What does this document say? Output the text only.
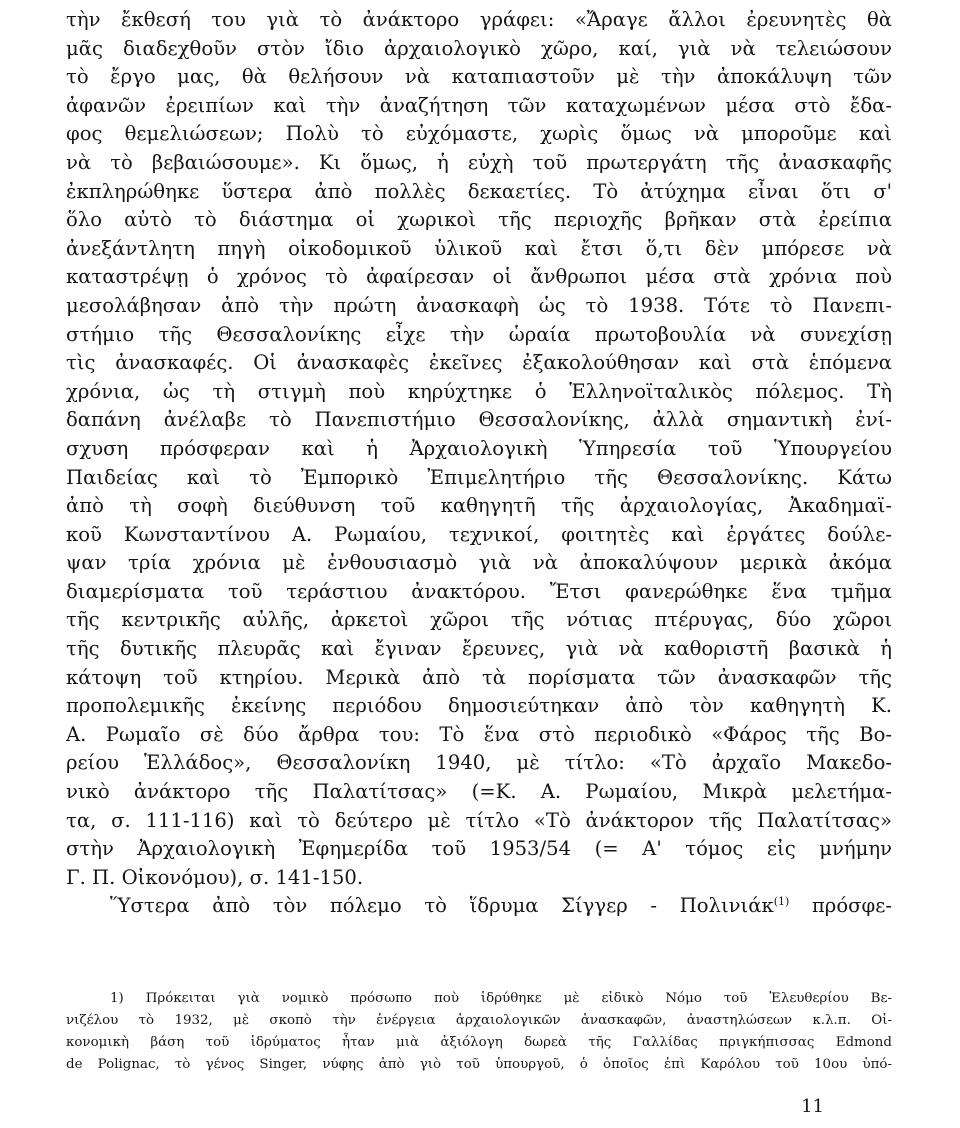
τὴν ἔκθεσή του γιὰ τὸ ἀνάκτορο γράφει: «Ἄραγε ἄλλοι ἐρευνητὲς θὰ
μᾶς διαδεχθοῦν στὸν ἴδιο ἀρχαιολογικὸ χῶρο, καί, γιὰ νὰ τελειώσουν
τὸ ἔργο μας, θὰ θελήσουν νὰ καταπιαστοῦν μὲ τὴν ἀποκάλυψη τῶν
ἀφανῶν ἐρειπίων καὶ τὴν ἀναζήτηση τῶν καταχωμένων μέσα στὸ ἔδα-
φος θεμελιώσεων; Πολὺ τὸ εὐχόμαστε, χωρὶς ὅμως νὰ μποροῦμε καὶ
νὰ τὸ βεβαιώσουμε». Κι ὅμως, ἡ εὐχὴ τοῦ πρωτεργάτη τῆς ἀνασκαφῆς
ἐκπληρώθηκε ὕστερα ἀπὸ πολλὲς δεκαετίες. Τὸ ἀτύχημα εἶναι ὅτι σ'
ὅλο αὐτὸ τὸ διάστημα οἱ χωρικοὶ τῆς περιοχῆς βρῆκαν στὰ ἐρείπια
ἀνεξάντλητη πηγὴ οἰκοδομικοῦ ὑλικοῦ καὶ ἔτσι ὅ,τι δὲν μπόρεσε νὰ
καταστρέψῃ ὁ χρόνος τὸ ἀφαίρεσαν οἱ ἄνθρωποι μέσα στὰ χρόνια ποὺ
μεσολάβησαν ἀπὸ τὴν πρώτη ἀνασκαφὴ ὡς τὸ 1938. Τότε τὸ Πανεπι-
στήμιο τῆς Θεσσαλονίκης εἶχε τὴν ὡραία πρωτοβουλία νὰ συνεχίσῃ
τὶς ἀνασκαφές. Οἱ ἀνασκαφὲς ἐκεῖνες ἐξακολούθησαν καὶ στὰ ἑπόμενα
χρόνια, ὡς τὴ στιγμὴ ποὺ κηρύχτηκε ὁ Ἑλληνοϊταλικὸς πόλεμος. Τὴ
δαπάνη ἀνέλαβε τὸ Πανεπιστήμιο Θεσσαλονίκης, ἀλλὰ σημαντικὴ ἐνί-
σχυση πρόσφεραν καὶ ἡ Ἀρχαιολογικὴ Ὑπηρεσία τοῦ Ὑπουργείου
Παιδείας καὶ τὸ Ἐμπορικὸ Ἐπιμελητήριο τῆς Θεσσαλονίκης. Κάτω
ἀπὸ τὴ σοφὴ διεύθυνση τοῦ καθηγητῆ τῆς ἀρχαιολογίας, Ἀκαδημαϊ-
κοῦ Κωνσταντίνου Α. Ρωμαίου, τεχνικοί, φοιτητὲς καὶ ἐργάτες δούλε-
ψαν τρία χρόνια μὲ ἐνθουσιασμὸ γιὰ νὰ ἀποκαλύψουν μερικὰ ἀκόμα
διαμερίσματα τοῦ τεράστιου ἀνακτόρου. Ἔτσι φανερώθηκε ἕνα τμῆμα
τῆς κεντρικῆς αὐλῆς, ἀρκετοὶ χῶροι τῆς νότιας πτέρυγας, δύο χῶροι
τῆς δυτικῆς πλευρᾶς καὶ ἔγιναν ἔρευνες, γιὰ νὰ καθοριστῆ βασικὰ ἡ
κάτοψη τοῦ κτηρίου. Μερικὰ ἀπὸ τὰ πορίσματα τῶν ἀνασκαφῶν τῆς
προπολεμικῆς ἐκείνης περιόδου δημοσιεύτηκαν ἀπὸ τὸν καθηγητὴ Κ.
Α. Ρωμαῖο σὲ δύο ἄρθρα του: Τὸ ἕνα στὸ περιοδικὸ «Φάρος τῆς Βο-
ρείου Ἑλλάδος», Θεσσαλονίκη 1940, μὲ τίτλο: «Τὸ ἀρχαῖο Μακεδο-
νικὸ ἀνάκτορο τῆς Παλατίτσας» (=Κ. Α. Ρωμαίου, Μικρὰ μελετήμα-
τα, σ. 111-116) καὶ τὸ δεύτερο μὲ τίτλο «Τὸ ἀνάκτορον τῆς Παλατίτσας»
στὴν Ἀρχαιολογικὴ Ἐφημερίδα τοῦ 1953/54 (= Α' τόμος εἰς μνήμην
Γ. Π. Οἰκονόμου), σ. 141-150.
Ὕστερα ἀπὸ τὸν πόλεμο τὸ ἵδρυμα Σίγγερ - Πολινιάκ$^{(1)}$ πρόσφε-
1) Πρόκειται γιὰ νομικὸ πρόσωπο ποὺ ἱδρύθηκε μὲ εἰδικὸ Νόμο τοῦ Ἐλευθερίου Βε-
νιζέλου τὸ 1932, μὲ σκοπὸ τὴν ἐνέργεια ἀρχαιολογικῶν ἀνασκαφῶν, ἀναστηλώσεων κ.λ.π. Οἰ-
κονομικὴ βάση τοῦ ἱδρύματος ἦταν μιὰ ἀξιόλογη δωρεὰ τῆς Γαλλίδας πριγκήπισσας Edmond
de Polignac, τὸ γένος Singer, νύφης ἀπὸ γιὸ τοῦ ὑπουργοῦ, ὁ ὁποῖος ἐπὶ Καρόλου τοῦ 10ου ὑπό-
11
